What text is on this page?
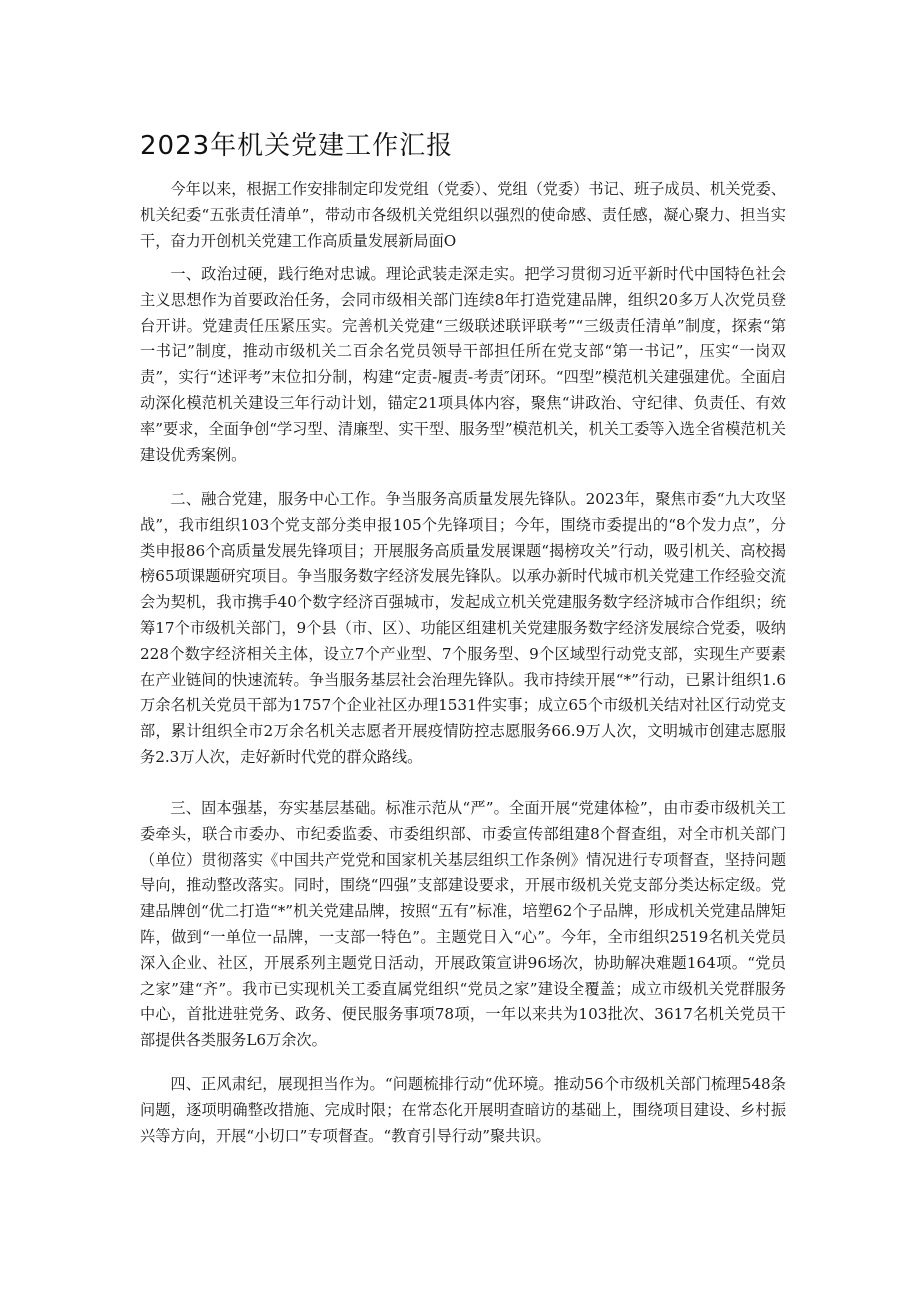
2023年机关党建工作汇报

今年以来，根据工作安排制定印发党组（党委）、党组（党委）书记、班子成员、机关党委、机关纪委“五张责任清单”，带动市各级机关党组织以强烈的使命感、责任感，凝心聚力、担当实干，奋力开创机关党建工作高质量发展新局面O

一、政治过硬，践行绝对忠诚。理论武装走深走实。把学习贯彻习近平新时代中国特色社会主义思想作为首要政治任务，会同市级相关部门连续8年打造党建品牌，组织20多万人次党员登台开讲。党建责任压紧压实。完善机关党建“三级联述联评联考”“三级责任清单”制度，探索“第一书记”制度，推动市级机关二百余名党员领导干部担任所在党支部“第一书记”，压实“一岗双责”，实行“述评考”末位扣分制，构建“定责-履责-考责″闭环。“四型”模范机关建强建优。全面启动深化模范机关建设三年行动计划，锚定21项具体内容，聚焦“讲政治、守纪律、负责任、有效率”要求，全面争创“学习型、清廉型、实干型、服务型”模范机关，机关工委等入选全省模范机关建设优秀案例。

二、融合党建，服务中心工作。争当服务高质量发展先锋队。2023年，聚焦市委“九大攻坚战”，我市组织103个党支部分类申报105个先锋项目；今年，围绕市委提出的“8个发力点”，分类申报86个高质量发展先锋项目；开展服务高质量发展课题“揭榜攻关”行动，吸引机关、高校揭榜65项课题研究项目。争当服务数字经济发展先锋队。以承办新时代城市机关党建工作经验交流会为契机，我市携手40个数字经济百强城市，发起成立机关党建服务数字经济城市合作组织；统筹17个市级机关部门，9个县（市、区）、功能区组建机关党建服务数字经济发展综合党委，吸纳228个数字经济相关主体，设立7个产业型、7个服务型、9个区域型行动党支部，实现生产要素在产业链间的快速流转。争当服务基层社会治理先锋队。我市持续开展“*”行动，已累计组织1.6万余名机关党员干部为1757个企业社区办理1531件实事；成立65个市级机关结对社区行动党支部，累计组织全市2万余名机关志愿者开展疫情防控志愿服务66.9万人次，文明城市创建志愿服务2.3万人次，走好新时代党的群众路线。

三、固本强基，夯实基层基础。标准示范从“严”。全面开展“党建体检”，由市委市级机关工委牵头，联合市委办、市纪委监委、市委组织部、市委宣传部组建8个督查组，对全市机关部门（单位）贯彻落实《中国共产党党和国家机关基层组织工作条例》情况进行专项督查，坚持问题导向，推动整改落实。同时，围绕“四强”支部建设要求，开展市级机关党支部分类达标定级。党建品牌创“优二打造“*”机关党建品牌，按照“五有”标准，培塑62个子品牌，形成机关党建品牌矩阵，做到“一单位一品牌，一支部一特色”。主题党日入“心”。今年，全市组织2519名机关党员深入企业、社区，开展系列主题党日活动，开展政策宣讲96场次，协助解决难题164项。“党员之家”建“齐”。我市已实现机关工委直属党组织“党员之家”建设全覆盖；成立市级机关党群服务中心，首批进驻党务、政务、便民服务事项78项，一年以来共为103批次、3617名机关党员干部提供各类服务L6万余次。

四、正风肃纪，展现担当作为。“问题梳排行动“优环境。推动56个市级机关部门梳理548条问题，逐项明确整改措施、完成时限；在常态化开展明查暗访的基础上，围绕项目建设、乡村振兴等方向，开展“小切口”专项督查。“教育引导行动”聚共识。
